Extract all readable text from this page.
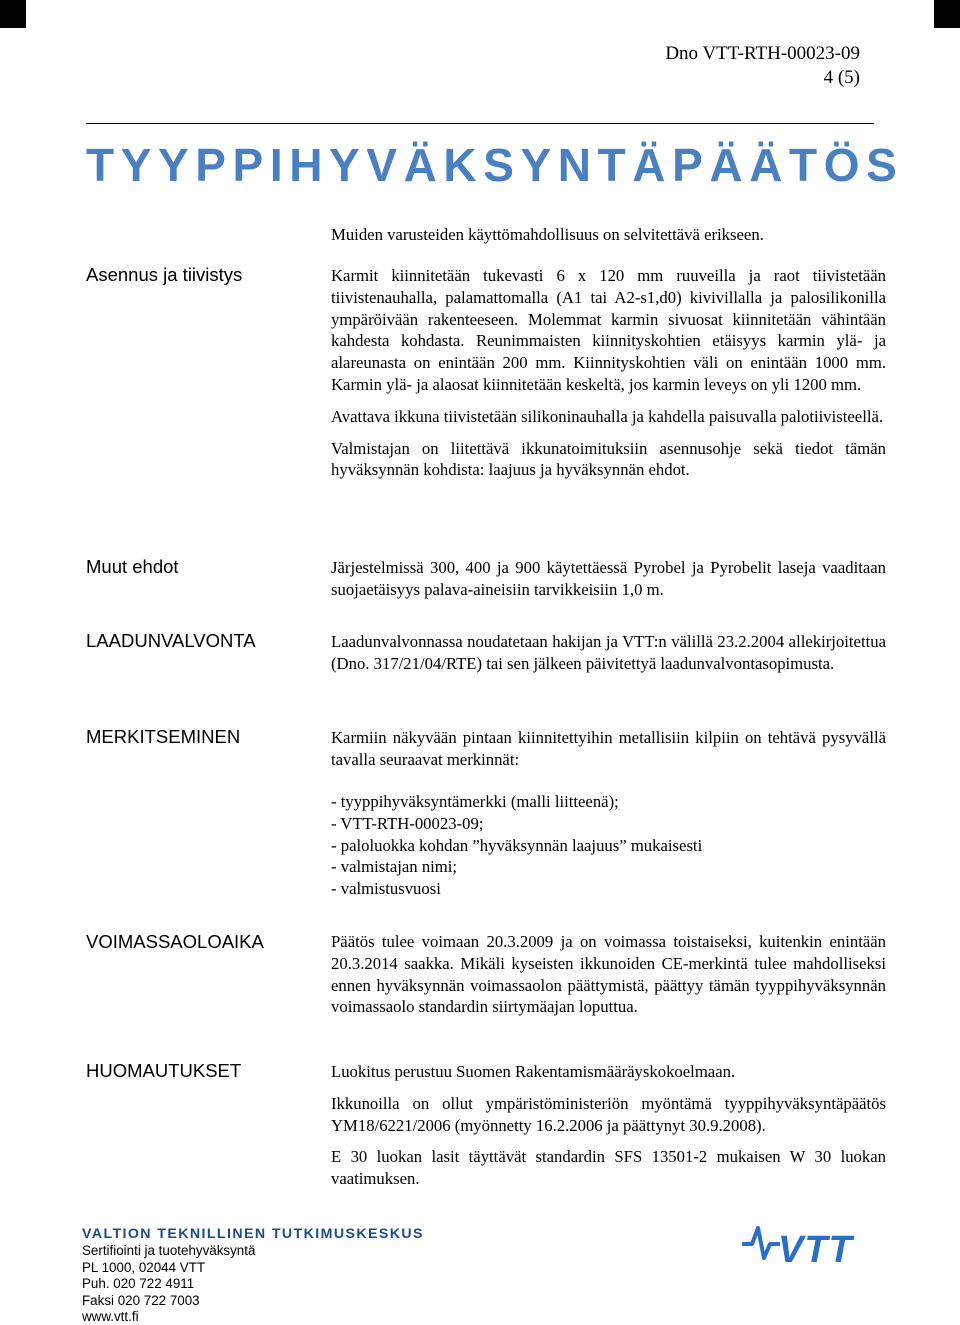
Dno VTT-RTH-00023-09
4 (5)
TYYPPIHYVÄKSYNTÄPÄÄTÖS

Muiden varusteiden käyttömahdollisuus on selvitettävä erikseen.

Asennus ja tiivistys	Karmit kiinnitetään tukevasti 6 x 120 mm ruuveilla ja raot tiivistetään tiivistenauhalla, palamattomalla (A1 tai A2-s1,d0) kivivillalla ja palosilikonilla ympäröivään rakenteeseen. Molemmat karmin sivuosat kiinnitetään vähintään kahdesta kohdasta. Reunimmaisten kiinnityskohtien etäisyys karmin ylä- ja alareunasta on enintään 200 mm. Kiinnityskohtien väli on enintään 1000 mm. Karmin ylä- ja alaosat kiinnitetään keskeltä, jos karmin leveys on yli 1200 mm.

Avattava ikkuna tiivistetään silikoninauhalla ja kahdella paisuvalla palotiivisteellä.

Valmistajan on liitettävä ikkunatoimituksiin asennusohje sekä tiedot tämän hyväksynnän kohdista: laajuus ja hyväksynnän ehdot.

Muut ehdot	Järjestelmissä 300, 400 ja 900 käytettäessä Pyrobel ja Pyrobelit laseja vaaditaan suojaetäisyys palava-aineisiin tarvikkeisiin 1,0 m.

LAADUNVALVONTA	Laadunvalvonnassa noudatetaan hakijan ja VTT:n välillä 23.2.2004 allekirjoitettua (Dno. 317/21/04/RTE) tai sen jälkeen päivitettyä laadunvalvontasopimusta.

MERKITSEMINEN	Karmiin näkyvään pintaan kiinnitettyihin metallisiin kilpiin on tehtävä pysyvällä tavalla seuraavat merkinnät:

- tyyppihyväksyntämerkki (malli liitteenä);
- VTT-RTH-00023-09;
- paloluokka kohdan ”hyväksynnän laajuus” mukaisesti
- valmistajan nimi;
- valmistusvuosi
VOIMASSAOLOAIKA	Päätös tulee voimaan 20.3.2009 ja on voimassa toistaiseksi, kuitenkin enintään 20.3.2014 saakka. Mikäli kyseisten ikkunoiden CE-merkintä tulee mahdolliseksi ennen hyväksynnän voimassaolon päättymistä, päättyy tämän tyyppihyväksynnän voimassaolo standardin siirtymäajan loputtua.

HUOMAUTUKSET	Luokitus perustuu Suomen Rakentamismääräyskokoelmaan.

Ikkunoilla on ollut ympäristöministeriön myöntämä tyyppihyväksyntäpäätös YM18/6221/2006 (myönnetty 16.2.2006 ja päättynyt 30.9.2008).

E 30 luokan lasit täyttävät standardin SFS 13501-2 mukaisen W 30 luokan vaatimuksen.

VALTION TEKNILLINEN TUTKIMUSKESKUS
Sertifiointi ja tuotehyväksyntä
PL 1000, 02044 VTT
Puh. 020 722 4911
Faksi 020 722 7003
www.vtt.fi
VTT
